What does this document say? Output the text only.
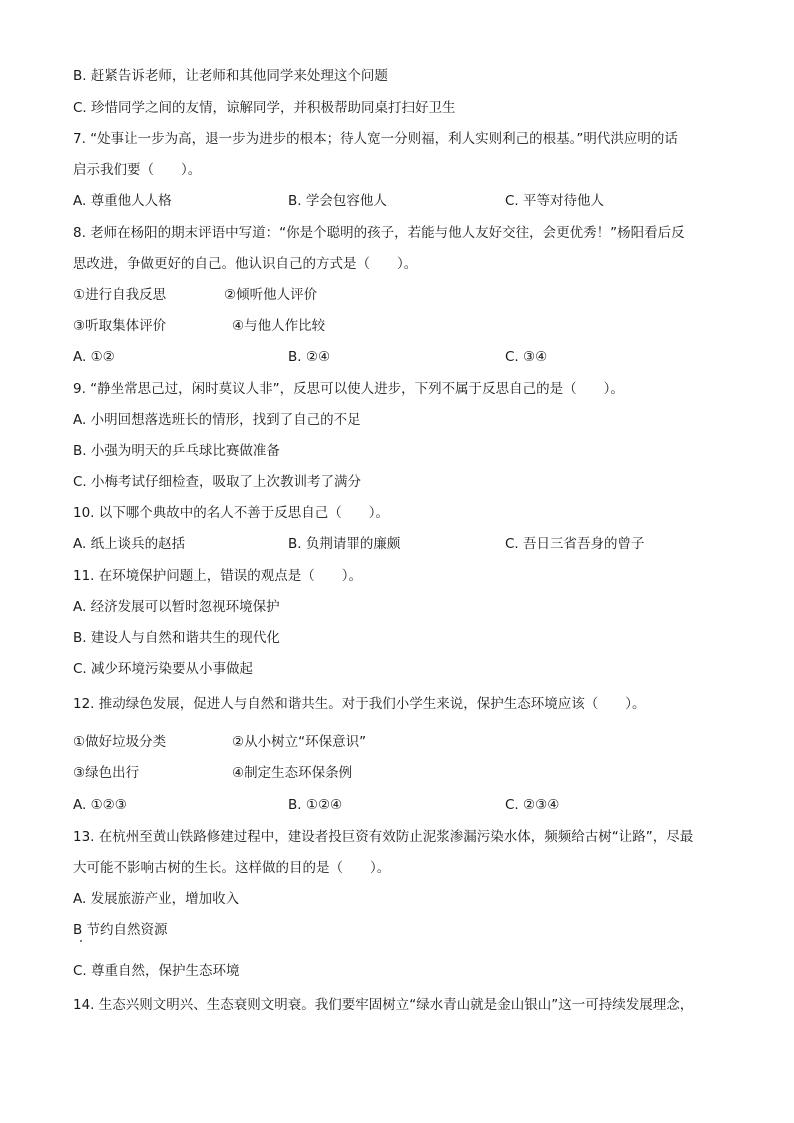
B. 赶紧告诉老师，让老师和其他同学来处理这个问题
C. 珍惜同学之间的友情，谅解同学，并积极帮助同桌打扫好卫生
7. “处事让一步为高，退一步为进步的根本；待人宽一分则福，利人实则利己的根基。”明代洪应明的话
启示我们要（　　）。
A. 尊重他人人格	B. 学会包容他人	C. 平等对待他人
8. 老师在杨阳的期末评语中写道：“你是个聪明的孩子，若能与他人友好交往，会更优秀！”杨阳看后反
思改进，争做更好的自己。他认识自己的方式是（　　）。
①进行自我反思	②倾听他人评价
③听取集体评价	④与他人作比较
A. ①②	B. ②④	C. ③④
9. “静坐常思己过，闲时莫议人非”，反思可以使人进步，下列不属于反思自己的是（　　）。
A. 小明回想落选班长的情形，找到了自己的不足
B. 小强为明天的乒乓球比赛做准备
C. 小梅考试仔细检查，吸取了上次教训考了满分
10. 以下哪个典故中的名人不善于反思自己（　　）。
A. 纸上谈兵的赵括	B. 负荆请罪的廉颇	C. 吾日三省吾身的曾子
11. 在环境保护问题上，错误的观点是（　　）。
A. 经济发展可以暂时忽视环境保护
B. 建设人与自然和谐共生的现代化
C. 减少环境污染要从小事做起
12. 推动绿色发展，促进人与自然和谐共生。对于我们小学生来说，保护生态环境应该（　　）。
①做好垃圾分类	②从小树立“环保意识”
③绿色出行	④制定生态环保条例
A. ①②③	B. ①②④	C. ②③④
13. 在杭州至黄山铁路修建过程中，建设者投巨资有效防止泥浆渗漏污染水体，频频给古树“让路”，尽最
大可能不影响古树的生长。这样做的目的是（　　）。
A. 发展旅游产业，增加收入
B 节约自然资源
C. 尊重自然，保护生态环境
14. 生态兴则文明兴、生态衰则文明衰。我们要牢固树立“绿水青山就是金山银山”这一可持续发展理念，
